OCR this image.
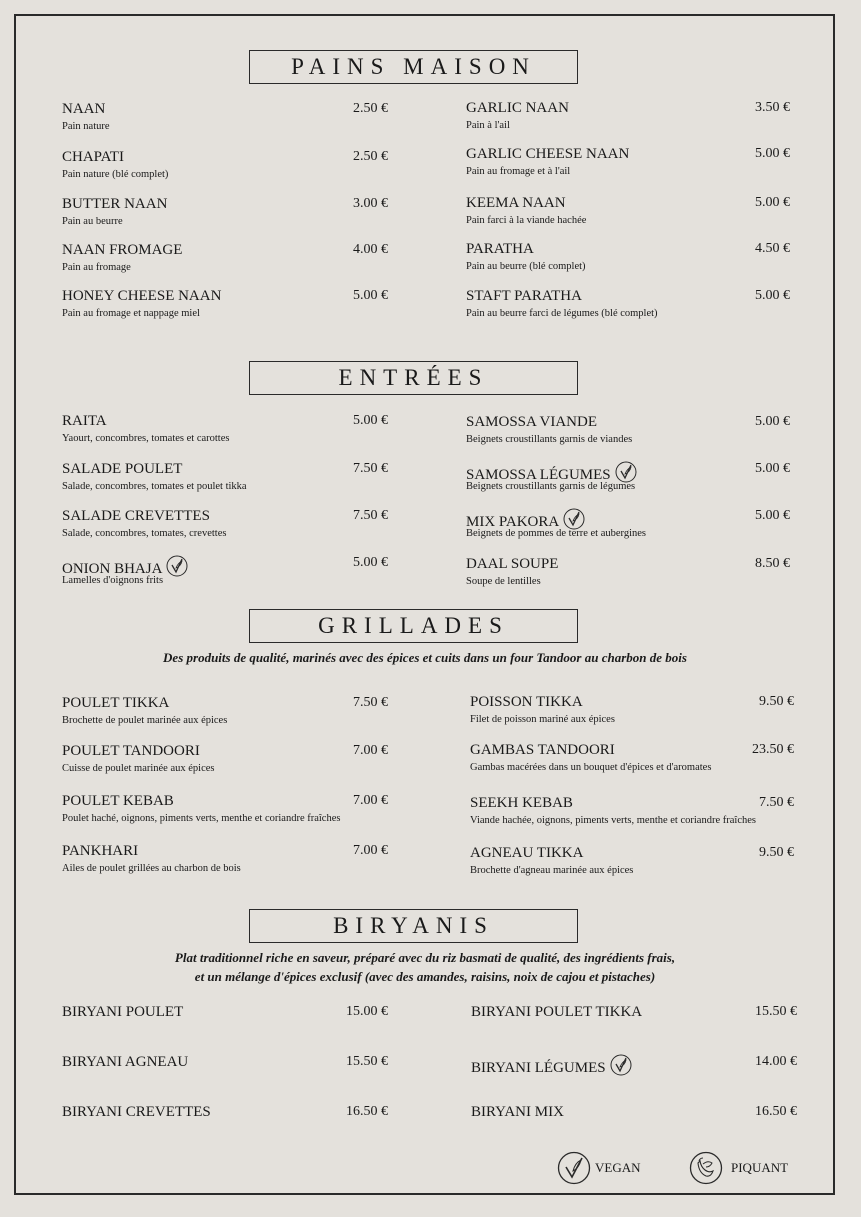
PAINS MAISON
NAAN	2.50 €
Pain nature
CHAPATI	2.50 €
Pain nature (blé complet)
BUTTER NAAN	3.00 €
Pain au beurre
NAAN FROMAGE	4.00 €
Pain au fromage
HONEY CHEESE NAAN	5.00 €
Pain au fromage et nappage miel
GARLIC NAAN	3.50 €
Pain à l'ail
GARLIC CHEESE NAAN	5.00 €
Pain au fromage et à l'ail
KEEMA NAAN	5.00 €
Pain farci à la viande hachée
PARATHA	4.50 €
Pain au beurre (blé complet)
STAFT PARATHA	5.00 €
Pain au beurre farci de légumes (blé complet)
ENTRÉES
RAITA	5.00 €
Yaourt, concombres, tomates et carottes
SALADE POULET	7.50 €
Salade, concombres, tomates et poulet tikka
SALADE CREVETTES	7.50 €
Salade, concombres, tomates, crevettes
ONION BHAJA	5.00 €
Lamelles d'oignons frits
SAMOSSA VIANDE	5.00 €
Beignets croustillants garnis de viandes
SAMOSSA LÉGUMES	5.00 €
Beignets croustillants garnis de légumes
MIX PAKORA	5.00 €
Beignets de pommes de terre et aubergines
DAAL SOUPE	8.50 €
Soupe de lentilles
GRILLADES
Des produits de qualité, marinés avec des épices et cuits dans un four Tandoor au charbon de bois
POULET TIKKA	7.50 €
Brochette de poulet marinée aux épices
POULET TANDOORI	7.00 €
Cuisse de poulet marinée aux épices
POULET KEBAB	7.00 €
Poulet haché, oignons, piments verts, menthe et coriandre fraîches
PANKHARI	7.00 €
Ailes de poulet grillées au charbon de bois
POISSON TIKKA	9.50 €
Filet de poisson mariné aux épices
GAMBAS TANDOORI	23.50 €
Gambas macérées dans un bouquet d'épices et d'aromates
SEEKH KEBAB	7.50 €
Viande hachée, oignons, piments verts, menthe et coriandre fraîches
AGNEAU TIKKA	9.50 €
Brochette d'agneau marinée aux épices
BIRYANIS
Plat traditionnel riche en saveur, préparé avec du riz basmati de qualité, des ingrédients frais,
et un mélange d'épices exclusif (avec des amandes, raisins, noix de cajou et pistaches)
BIRYANI POULET	15.00 €
BIRYANI AGNEAU	15.50 €
BIRYANI CREVETTES	16.50 €
BIRYANI POULET TIKKA	15.50 €
BIRYANI LÉGUMES	14.00 €
BIRYANI MIX	16.50 €
VEGAN	PIQUANT
